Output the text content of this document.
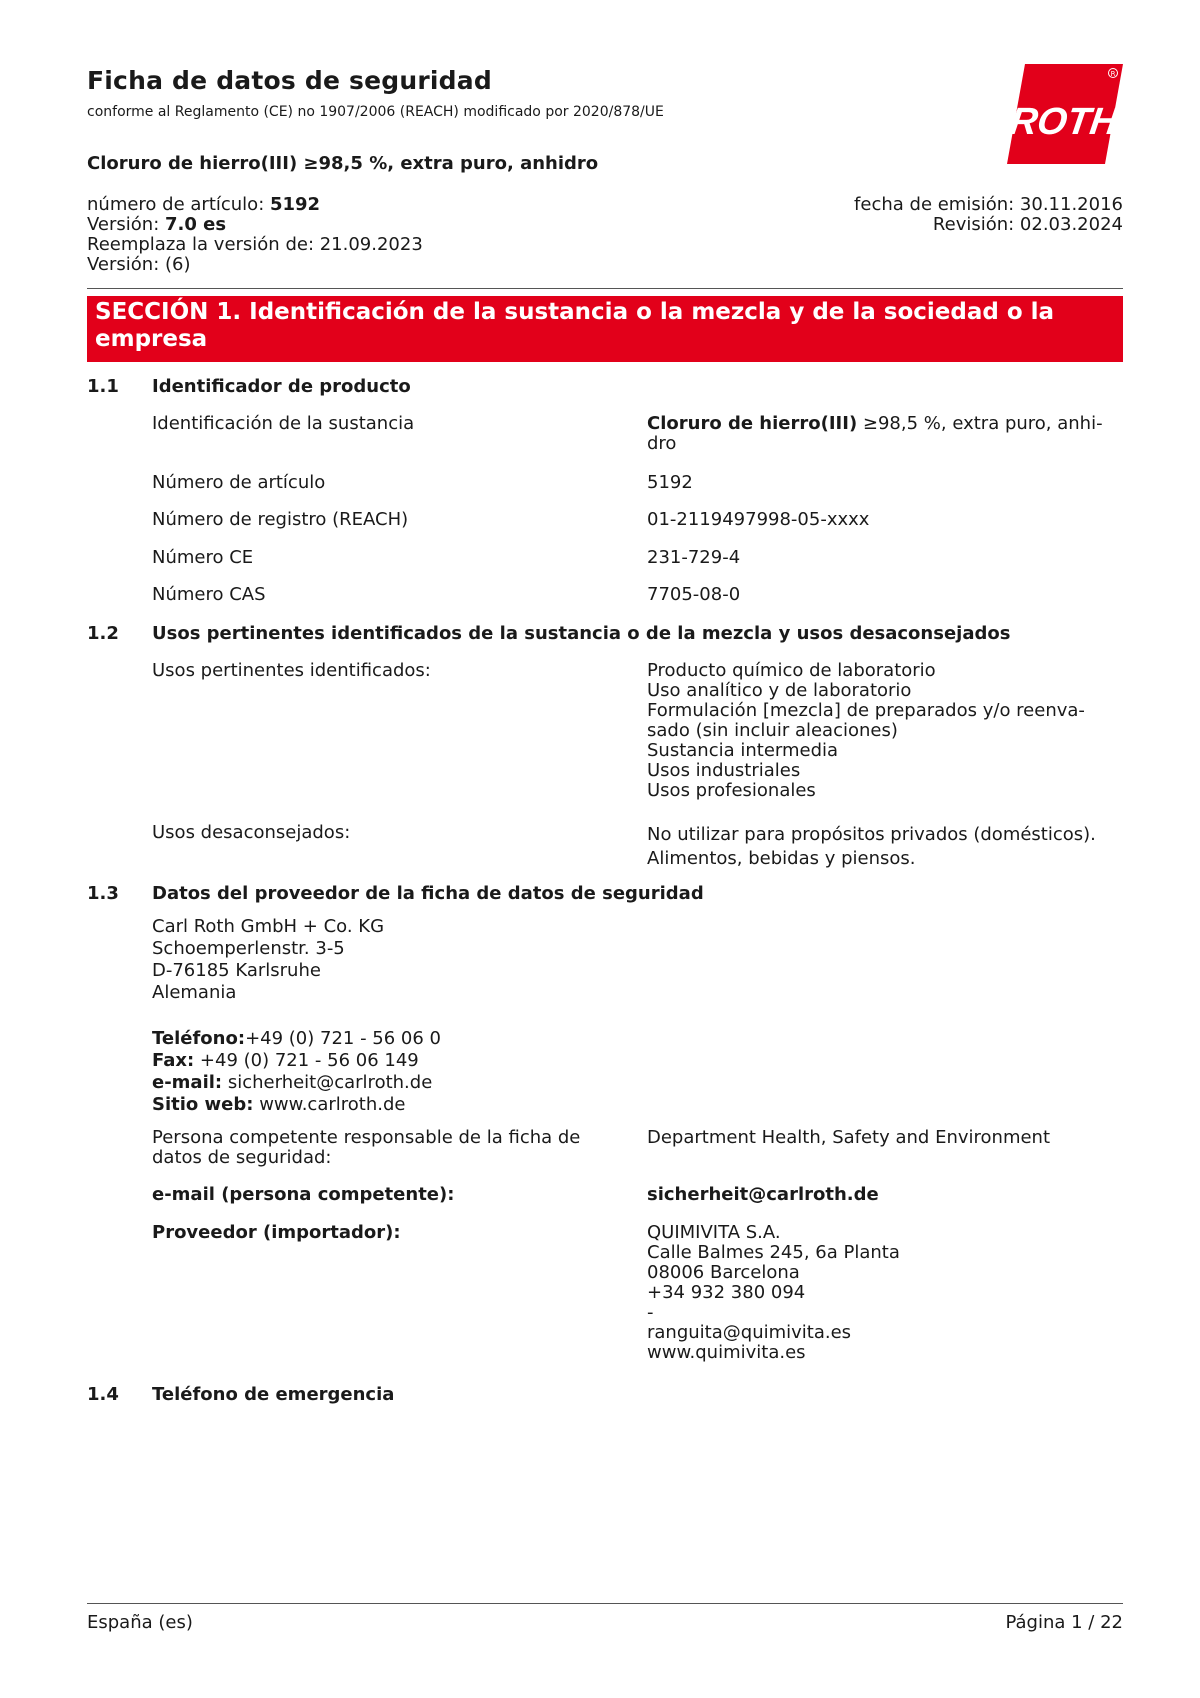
Ficha de datos de seguridad
conforme al Reglamento (CE) no 1907/2006 (REACH) modificado por 2020/878/UE
Cloruro de hierro(III) ≥98,5 %, extra puro, anhidro
ROTH
R
número de artículo: 5192
Versión: 7.0 es
Reemplaza la versión de: 21.09.2023
Versión: (6)
fecha de emisión: 30.11.2016
Revisión: 02.03.2024
SECCIÓN 1. Identificación de la sustancia o la mezcla y de la sociedad o la empresa
1.1 Identificador de producto
Identificación de la sustancia	Cloruro de hierro(III) ≥98,5 %, extra puro, anhi-
dro
Número de artículo	5192
Número de registro (REACH)	01-2119497998-05-xxxx
Número CE	231-729-4
Número CAS	7705-08-0
1.2 Usos pertinentes identificados de la sustancia o de la mezcla y usos desaconsejados
Usos pertinentes identificados:	Producto químico de laboratorio
Uso analítico y de laboratorio
Formulación [mezcla] de preparados y/o reenva-
sado (sin incluir aleaciones)
Sustancia intermedia
Usos industriales
Usos profesionales
Usos desaconsejados:	No utilizar para propósitos privados (domésticos).
Alimentos, bebidas y piensos.
1.3 Datos del proveedor de la ficha de datos de seguridad
Carl Roth GmbH + Co. KG
Schoemperlenstr. 3-5
D-76185 Karlsruhe
Alemania
Teléfono:+49 (0) 721 - 56 06 0
Fax: +49 (0) 721 - 56 06 149
e-mail: sicherheit@carlroth.de
Sitio web: www.carlroth.de
Persona competente responsable de la ficha de
datos de seguridad:
Department Health, Safety and Environment
e-mail (persona competente):	sicherheit@carlroth.de
Proveedor (importador):	QUIMIVITA S.A.
Calle Balmes 245, 6a Planta
08006 Barcelona
+34 932 380 094
-
ranguita@quimivita.es
www.quimivita.es
1.4 Teléfono de emergencia
España (es)	Página 1 / 22
